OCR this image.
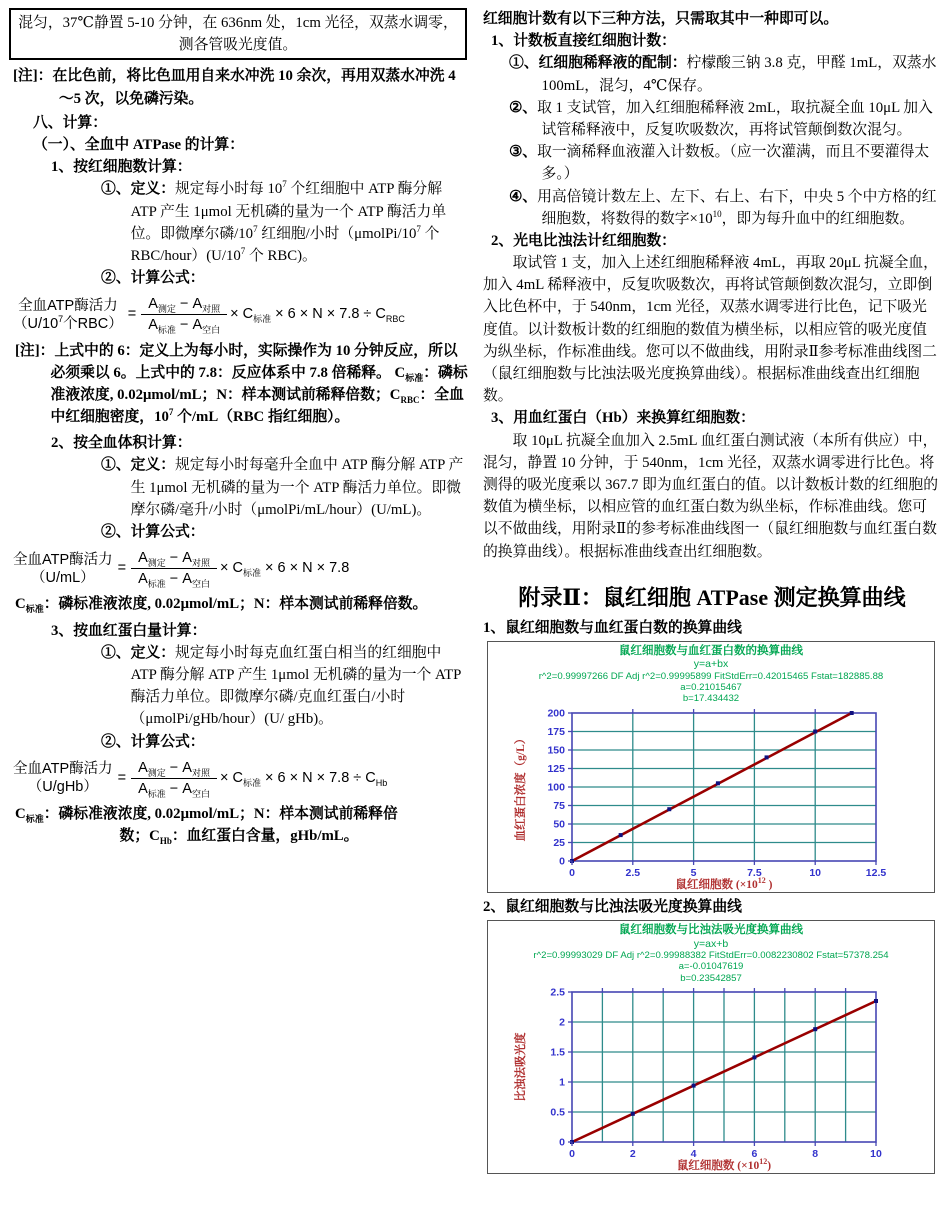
混匀，37℃静置 5-10 分钟，在 636nm 处，1cm 光径，双蒸水调零，测各管吸光度值。

[注]：在比色前，将比色皿用自来水冲洗 10 余次，再用双蒸水冲洗 4～5 次，以免磷污染。

八、计算：
（一）、全血中 ATPase 的计算：
1、按红细胞数计算：
①、定义：规定每小时每 $10^7$ 个红细胞中 ATP 酶分解 ATP 产生 1μmol 无机磷的量为一个 ATP 酶活力单位。即微摩尔磷$/10^7$ 红细胞/小时（$\mu molPi/10^7$ 个 RBC/$hour)(U/10^7$ 个 RBC)。
②、计算公式：
全血ATP酶活力
（$U/10^7$个RBC）
= $\frac{A_{测定} - A_{对照}}{A_{标准} - A_{空白}} \times C_{标准} \times 6 \times N \times 7.8 \div C_{RBC}$

[注]：上式中的 6：定义上为每小时，实际操作为 10 分钟反应，所以必须乘以 6。上式中的 7.8：反应体系中 7.8 倍稀释。 $C_{标准}$：磷标准液浓度, 0.02μmol/mL；N：样本测试前稀释倍数；$C_{RBC}$：全血中红细胞密度，$10^7$ 个/mL（RBC 指红细胞）。

2、按全血体积计算：
①、定义：规定每小时每毫升全血中 ATP 酶分解 ATP 产生 1μmol 无机磷的量为一个 ATP 酶活力单位。即微摩尔磷/毫升/小时（μmolPi/mL/hour）(U/mL)。
②、计算公式：
全血ATP酶活力
（U/mL）
= $\frac{A_{测定} - A_{对照}}{A_{标准} - A_{空白}} \times C_{标准} \times 6 \times N \times 7.8$

$C_{标准}$：磷标准液浓度, 0.02μmol/mL；N：样本测试前稀释倍数。

3、按血红蛋白量计算：
①、定义：规定每小时每克血红蛋白相当的红细胞中 ATP 酶分解 ATP 产生 1μmol 无机磷的量为一个 ATP 酶活力单位。即微摩尔磷/克血红蛋白/小时（μmolPi/gHb/hour）(U/ gHb)。
②、计算公式：
全血ATP酶活力
（U/gHb）
= $\frac{A_{测定} - A_{对照}}{A_{标准} - A_{空白}} \times C_{标准} \times 6 \times N \times 7.8 \div C_{Hb}$

$C_{标准}$：磷标准液浓度, 0.02μmol/mL；N：样本测试前稀释倍

数；$C_{Hb}$：血红蛋白含量，gHb/mL。

红细胞计数有以下三种方法，只需取其中一种即可以。
1、计数板直接红细胞计数：
①、红细胞稀释液的配制：柠檬酸三钠 3.8 克，甲醛 1mL，双蒸水 100mL，混匀，4℃保存。
②、取 1 支试管，加入红细胞稀释液 2mL，取抗凝全血 10μL 加入试管稀释液中，反复吹吸数次，再将试管颠倒数次混匀。
③、取一滴稀释血液灌入计数板。（应一次灌满，而且不要灌得太多。）
④、用高倍镜计数左上、左下、右上、右下，中央 5 个中方格的红细胞数，将数得的数字$\times 10^{10}$，即为每升血中的红细胞数。
2、光电比浊法计红细胞数：

取试管 1 支，加入上述红细胞稀释液 4mL，再取 20μL 抗凝全血，加入 4mL 稀释液中，反复吹吸数次，再将试管颠倒数次混匀，立即倒入比色杯中，于 540nm，1cm 光径，双蒸水调零进行比色，记下吸光度值。以计数板计数的红细胞的数值为横坐标，以相应管的吸光度值为纵坐标，作标准曲线。您可以不做曲线，用附录Ⅱ参考标准曲线图二（鼠红细胞数与比浊法吸光度换算曲线）。根据标准曲线查出红细胞数。

3、用血红蛋白（Hb）来换算红细胞数：

取 10μL 抗凝全血加入 2.5mL 血红蛋白测试液（本所有供应）中，混匀，静置 10 分钟，于 540nm，1cm 光径，双蒸水调零进行比色。将测得的吸光度乘以 367.7 即为血红蛋白的值。以计数板计数的红细胞的数值为横坐标，以相应管的血红蛋白数为纵坐标，作标准曲线。您可以不做曲线，用附录Ⅱ的参考标准曲线图一（鼠红细胞数与血红蛋白数的换算曲线）。根据标准曲线查出红细胞数。

附录Ⅱ：鼠红细胞 ATPase 测定换算曲线
1、鼠红细胞数与血红蛋白数的换算曲线
鼠红细胞数与血红蛋白数的换算曲线
y=a+bx
r^2=0.99997266 DF Adj r^2=0.99995899 FitStdErr=0.42015465 Fstat=182885.88
a=0.21015467
b=17.434432
0	2.5	5	7.5	10	12.5
0
25
50
75
100
125
150
175
200
血红蛋白浓度（g/L）
鼠红细胞数 ($\times 10^{12}$ )
2、鼠红细胞数与比浊法吸光度换算曲线
鼠红细胞数与比浊法吸光度换算曲线
y=ax+b
r^2=0.99993029 DF Adj r^2=0.99988382 FitStdErr=0.0082230802 Fstat=57378.254
a=-0.01047619
b=0.23542857
0	2	4	6	8	10
0
0.5
1
1.5
2
2.5
比浊法吸光度
鼠红细胞数 $(\times 10^{12})$
